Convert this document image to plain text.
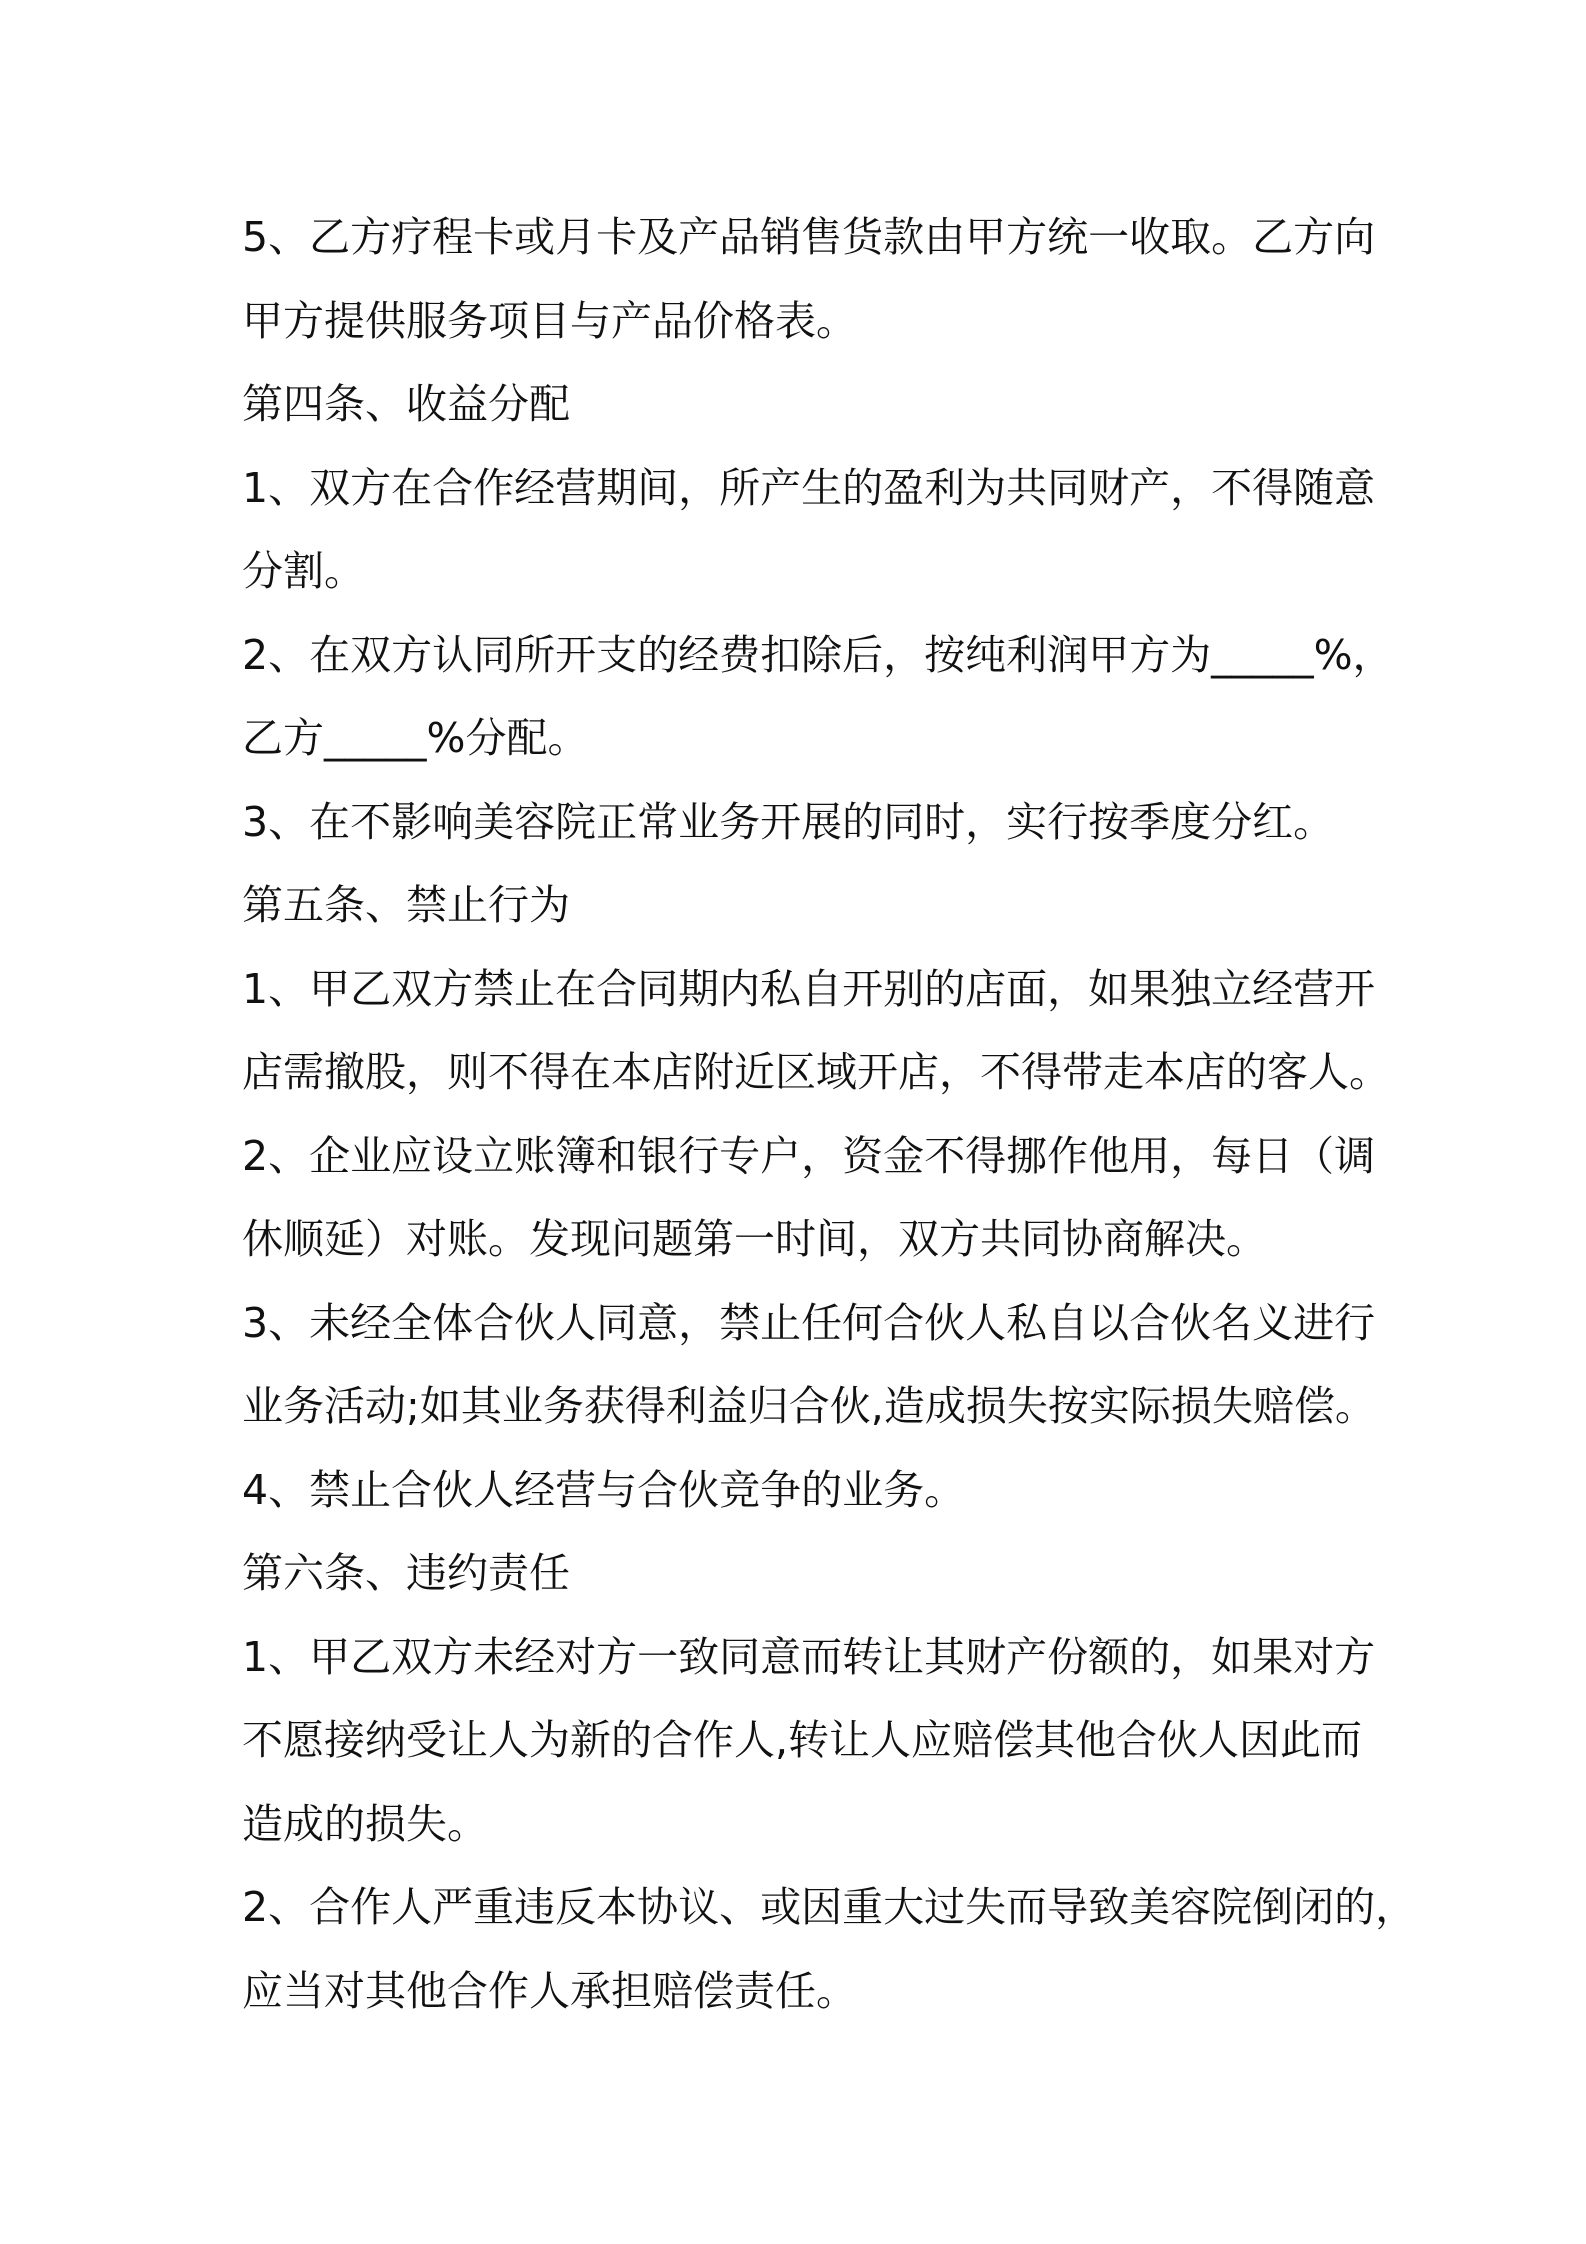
5、乙方疗程卡或月卡及产品销售货款由甲方统一收取。乙方向
甲方提供服务项目与产品价格表。
第四条、收益分配
1、双方在合作经营期间，所产生的盈利为共同财产，不得随意
分割。
2、在双方认同所开支的经费扣除后，按纯利润甲方为_____%，
乙方_____%分配。
3、在不影响美容院正常业务开展的同时，实行按季度分红。
第五条、禁止行为
1、甲乙双方禁止在合同期内私自开别的店面，如果独立经营开
店需撤股，则不得在本店附近区域开店，不得带走本店的客人。
2、企业应设立账簿和银行专户，资金不得挪作他用，每日（调
休顺延）对账。发现问题第一时间，双方共同协商解决。
3、未经全体合伙人同意，禁止任何合伙人私自以合伙名义进行
业务活动;如其业务获得利益归合伙,造成损失按实际损失赔偿。
4、禁止合伙人经营与合伙竞争的业务。
第六条、违约责任
1、甲乙双方未经对方一致同意而转让其财产份额的，如果对方
不愿接纳受让人为新的合作人,转让人应赔偿其他合伙人因此而
造成的损失。
2、合作人严重违反本协议、或因重大过失而导致美容院倒闭的，
应当对其他合作人承担赔偿责任。
